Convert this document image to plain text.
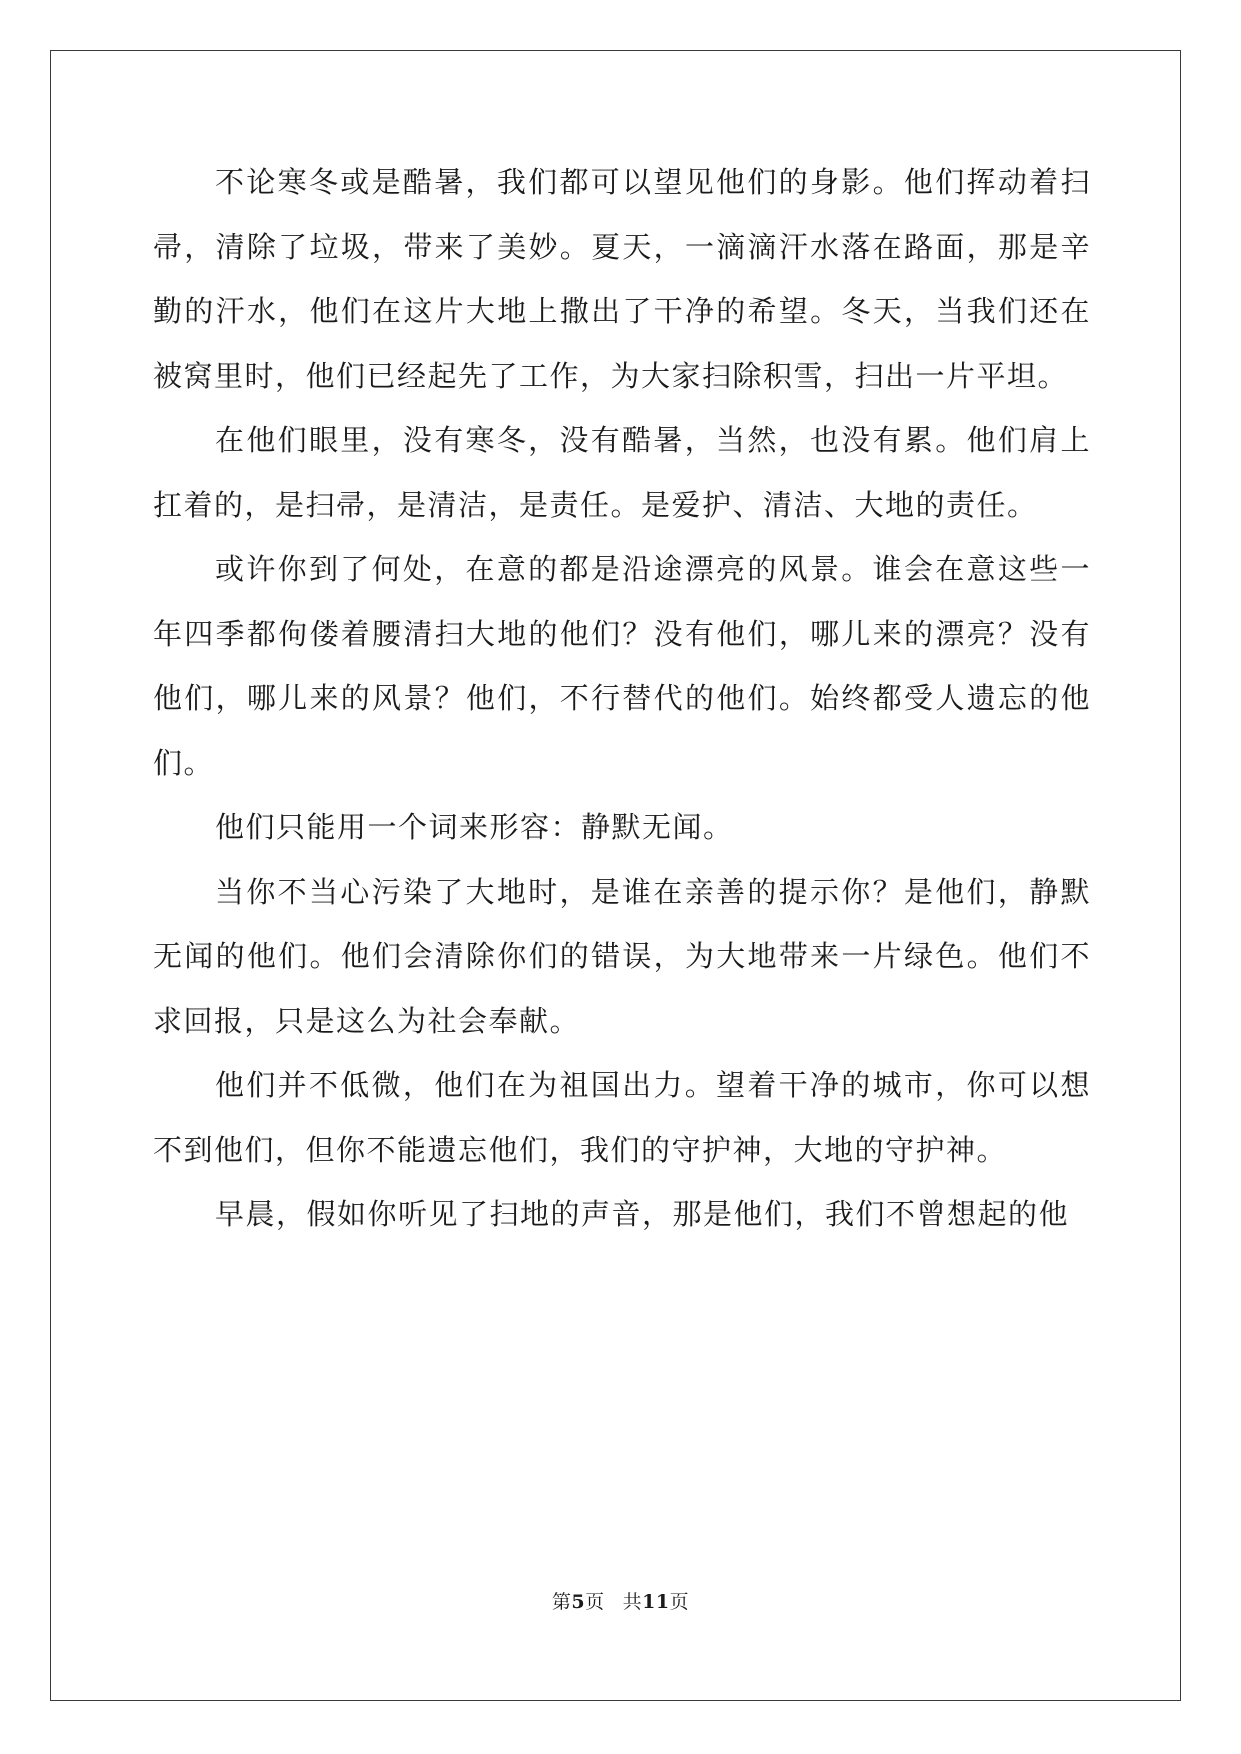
不论寒冬或是酷暑，我们都可以望见他们的身影。他们挥动着扫帚，清除了垃圾，带来了美妙。夏天，一滴滴汗水落在路面，那是辛勤的汗水，他们在这片大地上撒出了干净的希望。冬天，当我们还在被窝里时，他们已经起先了工作，为大家扫除积雪，扫出一片平坦。

在他们眼里，没有寒冬，没有酷暑，当然，也没有累。他们肩上扛着的，是扫帚，是清洁，是责任。是爱护、清洁、大地的责任。

或许你到了何处，在意的都是沿途漂亮的风景。谁会在意这些一年四季都佝偻着腰清扫大地的他们？没有他们，哪儿来的漂亮？没有他们，哪儿来的风景？他们，不行替代的他们。始终都受人遗忘的他们。

他们只能用一个词来形容：静默无闻。

当你不当心污染了大地时，是谁在亲善的提示你？是他们，静默无闻的他们。他们会清除你们的错误，为大地带来一片绿色。他们不求回报，只是这么为社会奉献。

他们并不低微，他们在为祖国出力。望着干净的城市，你可以想不到他们，但你不能遗忘他们，我们的守护神，大地的守护神。

早晨，假如你听见了扫地的声音，那是他们，我们不曾想起的他

第5页 共11页
